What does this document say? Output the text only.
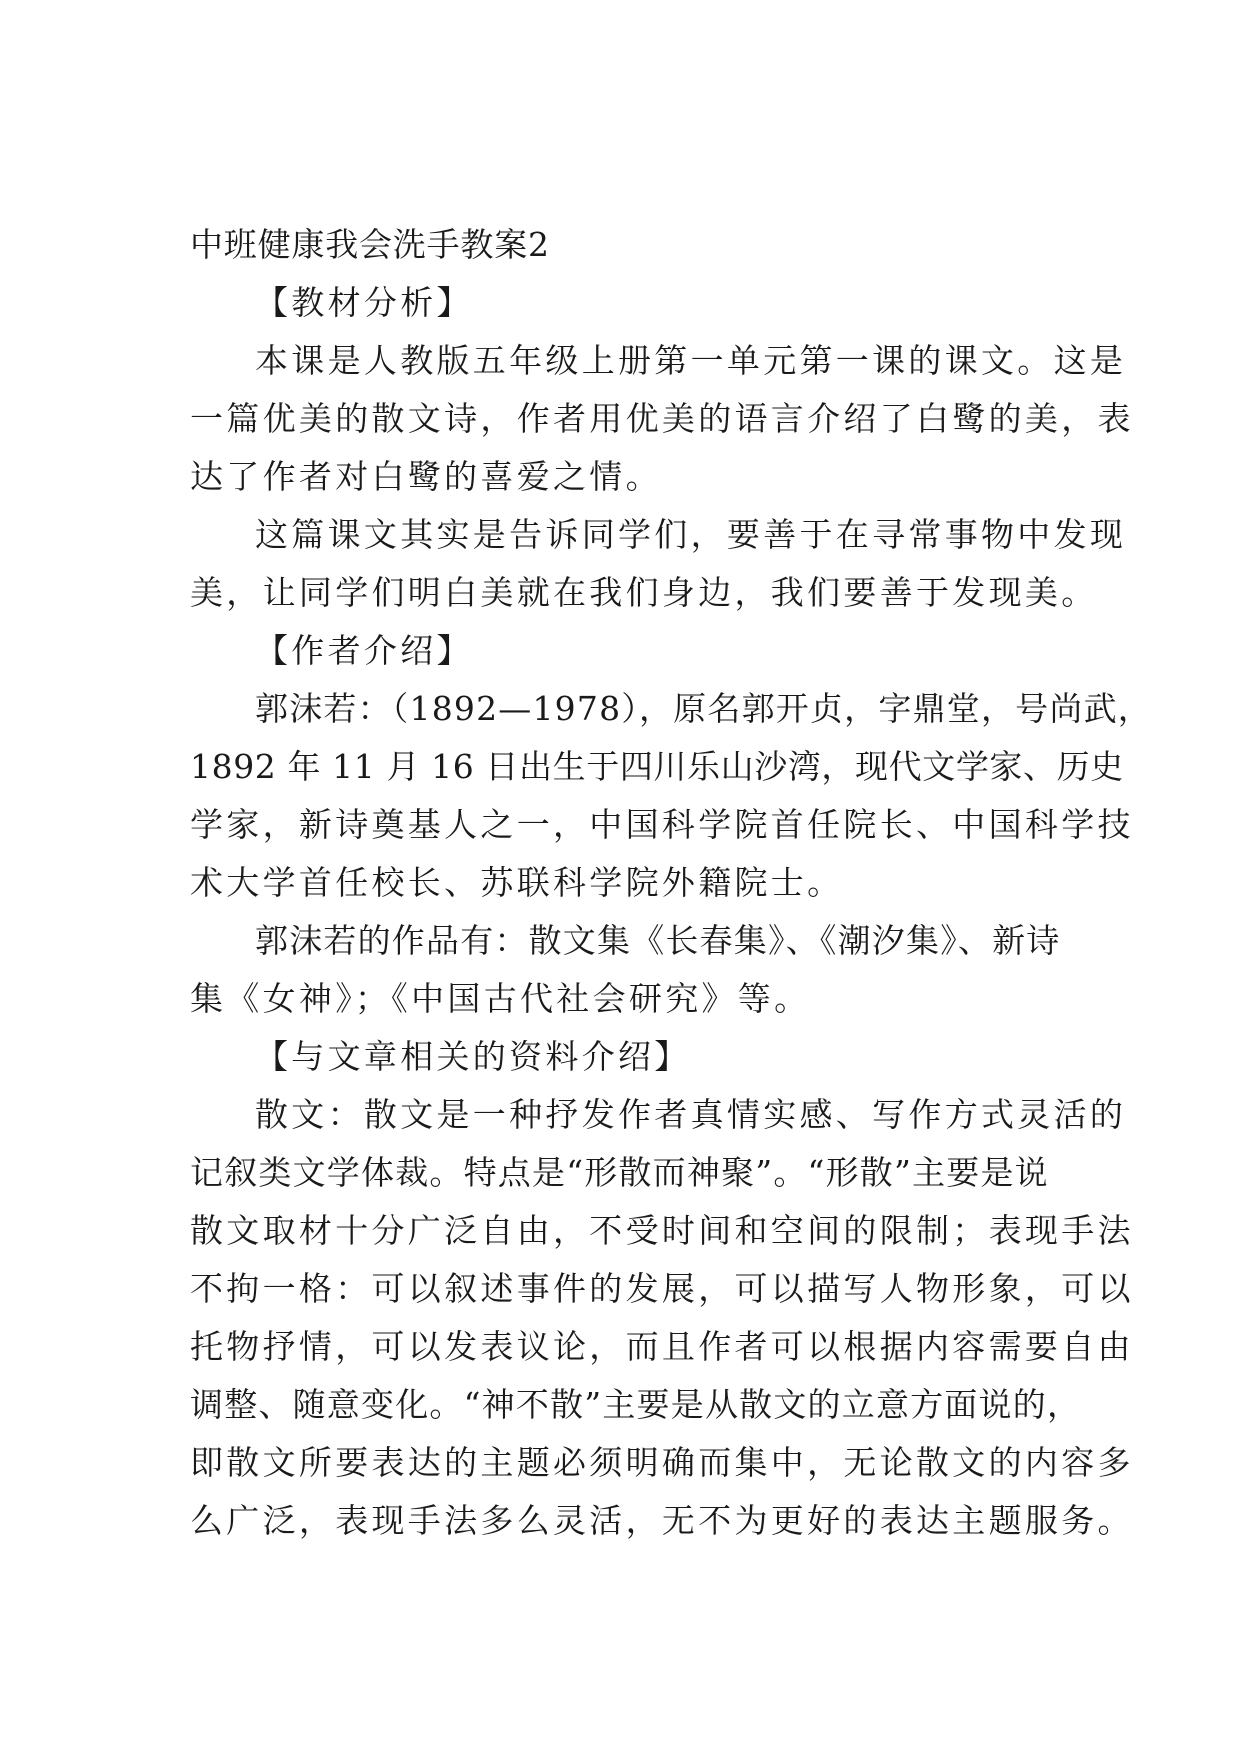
中班健康我会洗手教案2
【教材分析】
本课是人教版五年级上册第一单元第一课的课文。这是
一篇优美的散文诗，作者用优美的语言介绍了白鹭的美，表
达了作者对白鹭的喜爱之情。
这篇课文其实是告诉同学们，要善于在寻常事物中发现
美，让同学们明白美就在我们身边，我们要善于发现美。
【作者介绍】
郭沫若：（1892—1978），原名郭开贞，字鼎堂，号尚武，
1892 年 11 月 16 日出生于四川乐山沙湾，现代文学家、历史
学家，新诗奠基人之一，中国科学院首任院长、中国科学技
术大学首任校长、苏联科学院外籍院士。
郭沫若的作品有：散文集《长春集》、《潮汐集》、新诗
集《女神》；《中国古代社会研究》等。
【与文章相关的资料介绍】
散文：散文是一种抒发作者真情实感、写作方式灵活的
记叙类文学体裁。特点是“形散而神聚”。“形散”主要是说
散文取材十分广泛自由，不受时间和空间的限制；表现手法
不拘一格：可以叙述事件的发展，可以描写人物形象，可以
托物抒情，可以发表议论，而且作者可以根据内容需要自由
调整、随意变化。“神不散”主要是从散文的立意方面说的，
即散文所要表达的主题必须明确而集中，无论散文的内容多
么广泛，表现手法多么灵活，无不为更好的表达主题服务。
